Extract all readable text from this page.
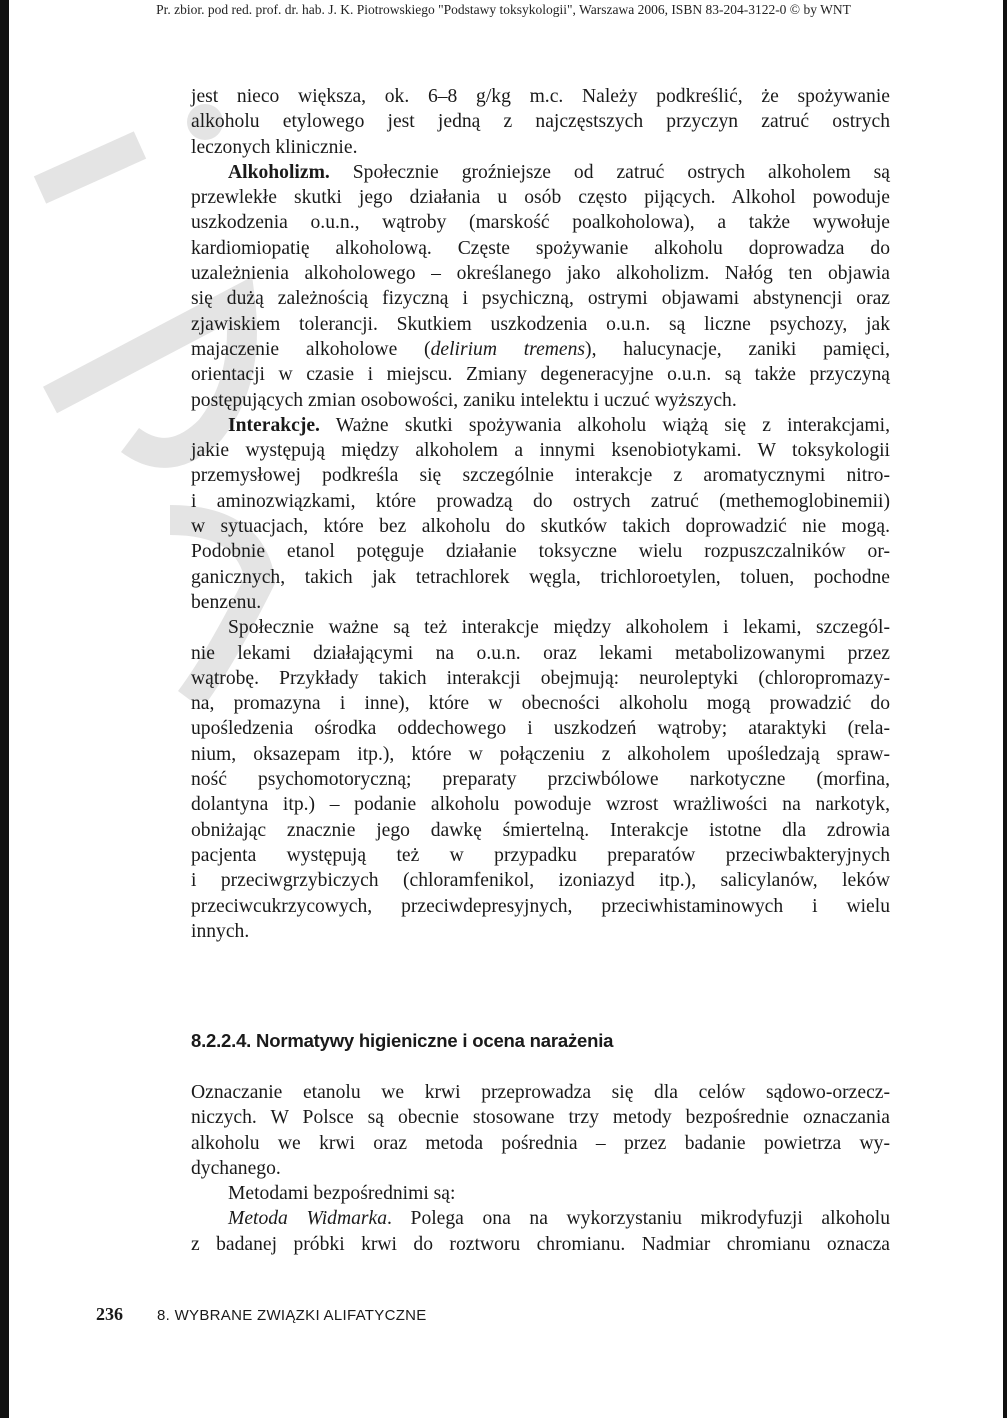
Pr. zbior. pod red. prof. dr. hab. J. K. Piotrowskiego "Podstawy toksykologii", Warszawa 2006, ISBN 83-204-3122-0 © by WNT
jest nieco większa, ok. 6–8 g/kg m.c. Należy podkreślić, że spożywanie
alkoholu etylowego jest jedną z najczęstszych przyczyn zatruć ostrych
leczonych klinicznie.
Alkoholizm. Społecznie groźniejsze od zatruć ostrych alkoholem są
przewlekłe skutki jego działania u osób często pijących. Alkohol powoduje
uszkodzenia o.u.n., wątroby (marskość poalkoholowa), a także wywołuje
kardiomiopatię alkoholową. Częste spożywanie alkoholu doprowadza do
uzależnienia alkoholowego – określanego jako alkoholizm. Nałóg ten objawia
się dużą zależnością fizyczną i psychiczną, ostrymi objawami abstynencji oraz
zjawiskiem tolerancji. Skutkiem uszkodzenia o.u.n. są liczne psychozy, jak
majaczenie alkoholowe (delirium tremens), halucynacje, zaniki pamięci,
orientacji w czasie i miejscu. Zmiany degeneracyjne o.u.n. są także przyczyną
postępujących zmian osobowości, zaniku intelektu i uczuć wyższych.
Interakcje. Ważne skutki spożywania alkoholu wiążą się z interakcjami,
jakie występują między alkoholem a innymi ksenobiotykami. W toksykologii
przemysłowej podkreśla się szczególnie interakcje z aromatycznymi nitro-
i aminozwiązkami, które prowadzą do ostrych zatruć (methemoglobinemii)
w sytuacjach, które bez alkoholu do skutków takich doprowadzić nie mogą.
Podobnie etanol potęguje działanie toksyczne wielu rozpuszczalników or-
ganicznych, takich jak tetrachlorek węgla, trichloroetylen, toluen, pochodne
benzenu.
Społecznie ważne są też interakcje między alkoholem i lekami, szczegól-
nie lekami działającymi na o.u.n. oraz lekami metabolizowanymi przez
wątrobę. Przykłady takich interakcji obejmują: neuroleptyki (chloropromazy-
na, promazyna i inne), które w obecności alkoholu mogą prowadzić do
upośledzenia ośrodka oddechowego i uszkodzeń wątroby; ataraktyki (rela-
nium, oksazepam itp.), które w połączeniu z alkoholem upośledzają spraw-
ność psychomotoryczną; preparaty przciwbólowe narkotyczne (morfina,
dolantyna itp.) – podanie alkoholu powoduje wzrost wrażliwości na narkotyk,
obniżając znacznie jego dawkę śmiertelną. Interakcje istotne dla zdrowia
pacjenta występują też w przypadku preparatów przeciwbakteryjnych
i przeciwgrzybiczych (chloramfenikol, izoniazyd itp.), salicylanów, leków
przeciwcukrzycowych, przeciwdepresyjnych, przeciwhistaminowych i wielu
innych.
8.2.2.4. Normatywy higieniczne i ocena narażenia
Oznaczanie etanolu we krwi przeprowadza się dla celów sądowo-orzecz-
niczych. W Polsce są obecnie stosowane trzy metody bezpośrednie oznaczania
alkoholu we krwi oraz metoda pośrednia – przez badanie powietrza wy-
dychanego.
Metodami bezpośrednimi są:
Metoda Widmarka. Polega ona na wykorzystaniu mikrodyfuzji alkoholu
z badanej próbki krwi do roztworu chromianu. Nadmiar chromianu oznacza
236 8. WYBRANE ZWIĄZKI ALIFATYCZNE
